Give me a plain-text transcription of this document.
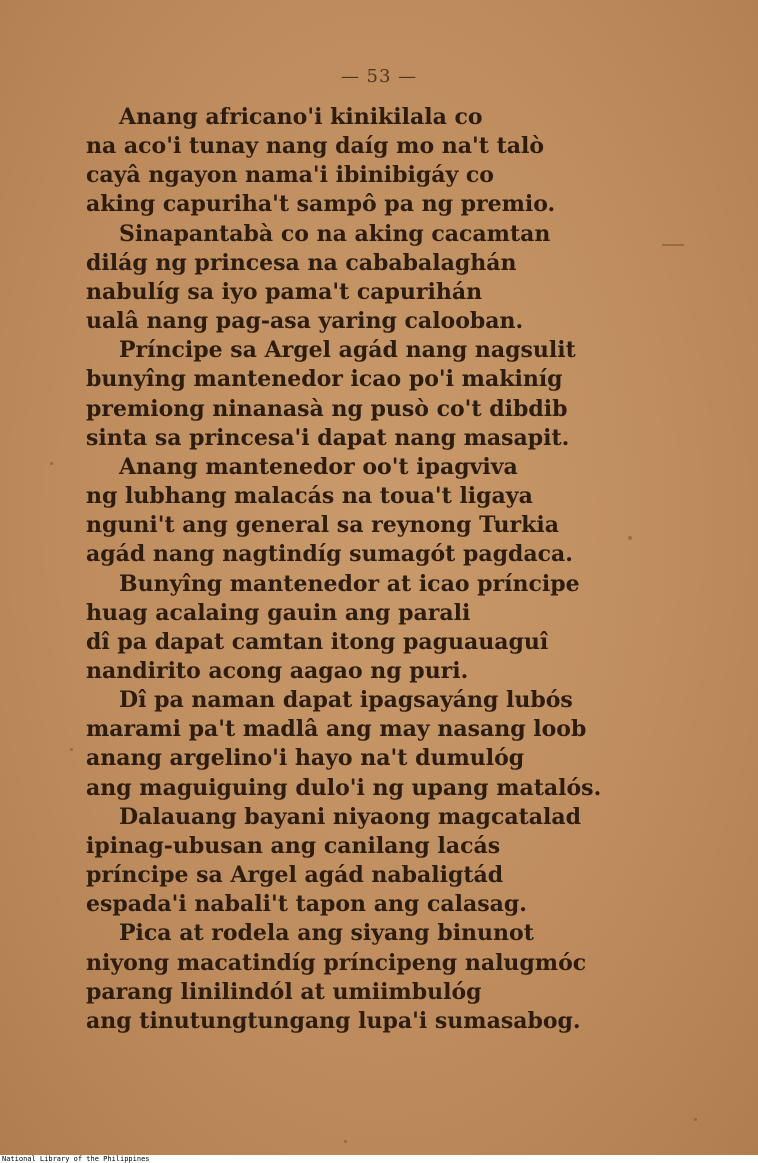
— 53 —
Anang africano'i kinikilala co
na aco'i tunay nang daíg mo na't talò
cayâ ngayon nama'i ibinibigáy co
aking capuriha't sampô pa ng premio.
Sinapantabà co na aking cacamtan
dilág ng princesa na cababalaghán
nabulíg sa iyo pama't capurihán
ualâ nang pag-asa yaring calooban.
Príncipe sa Argel agád nang nagsulit
bunyîng mantenedor icao po'i makiníg
premiong ninanasà ng pusò co't dibdib
sinta sa princesa'i dapat nang masapit.
Anang mantenedor oo't ipagviva
ng lubhang malacás na toua't ligaya
nguni't ang general sa reynong Turkia
agád nang nagtindíg sumagót pagdaca.
Bunyîng mantenedor at icao príncipe
huag acalaing gauin ang parali
dî pa dapat camtan itong paguauaguî
nandirito acong aagao ng puri.
Dî pa naman dapat ipagsayáng lubós
marami pa't madlâ ang may nasang loob
anang argelino'i hayo na't dumulóg
ang maguiguing dulo'i ng upang matalós.
Dalauang bayani niyaong magcatalad
ipinag-ubusan ang canilang lacás
príncipe sa Argel agád nabaligtád
espada'i nabali't tapon ang calasag.
Pica at rodela ang siyang binunot
niyong macatindíg príncipeng nalugmóc
parang linilindól at umiimbulóg
ang tinutungtungang lupa'i sumasabog.
National Library of the Philippines
